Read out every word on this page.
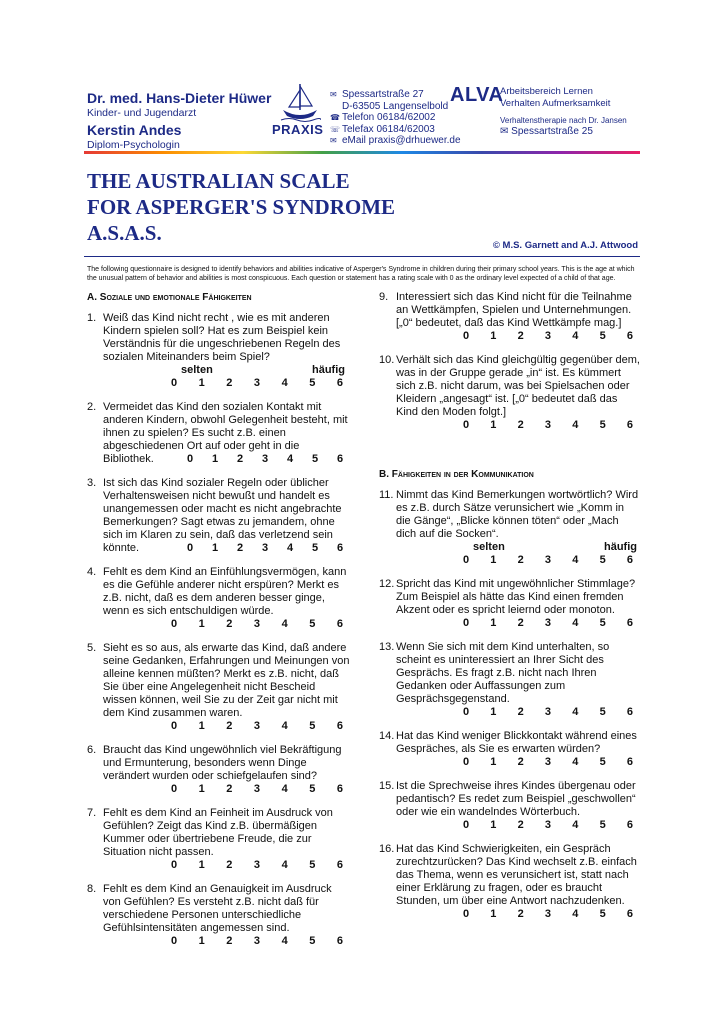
Dr. med. Hans-Dieter Hüwer
Kinder- und Jugendarzt
Kerstin Andes
Diplom-Psychologin
PRAXIS
✉ Spessartstraße 27
D-63505 Langenselbold
☎ Telefon 06184/62002
☏ Telefax 06184/62003
✉ eMail praxis@drhuewer.de
ALVA
Arbeitsbereich Lernen
Verhalten Aufmerksamkeit
Verhaltenstherapie nach Dr. Jansen
✉ Spessartstraße 25
THE AUSTRALIAN SCALE
FOR ASPERGER'S SYNDROME
A.S.A.S.
© M.S. Garnett and A.J. Attwood
The following questionnaire is designed to identify behaviors and abilities indicative of Asperger's Syndrome in children during their primary school years. This is the age at which the unusual pattern of behavior and abilities is most conspicuous. Each question or statement has a rating scale with 0 as the ordinary level expected of a child of that age.
A. Soziale und emotionale Fähigkeiten
1. Weiß das Kind nicht recht , wie es mit anderen Kindern spielen soll? Hat es zum Beispiel kein Verständnis für die ungeschriebenen Regeln des sozialen Miteinanders beim Spiel?
selten	häufig
0	1	2	3	4	5	6
2. Vermeidet das Kind den sozialen Kontakt mit anderen Kindern, obwohl Gelegenheit besteht, mit ihnen zu spielen? Es sucht z.B. einen abgeschiedenen Ort auf oder geht in die
Bibliothek.	0	1	2	3	4	5	6
3. Ist sich das Kind sozialer Regeln oder üblicher Verhaltensweisen nicht bewußt und handelt es unangemessen oder macht es nicht angebrachte Bemerkungen? Sagt etwas zu jemandem, ohne sich im Klaren zu sein, daß das verletzend sein
könnte.	0	1	2	3	4	5	6
4. Fehlt es dem Kind an Einfühlungsvermögen, kann es die Gefühle anderer nicht erspüren? Merkt es z.B. nicht, daß es dem anderen besser ginge, wenn es sich entschuldigen würde.
0	1	2	3	4	5	6
5. Sieht es so aus, als erwarte das Kind, daß andere seine Gedanken, Erfahrungen und Meinungen von alleine kennen müßten? Merkt es z.B. nicht, daß Sie über eine Angelegenheit nicht Bescheid wissen können, weil Sie zu der Zeit gar nicht mit dem Kind zusammen waren.
0	1	2	3	4	5	6
6. Braucht das Kind ungewöhnlich viel Bekräftigung und Ermunterung, besonders wenn Dinge verändert wurden oder schiefgelaufen sind?
0	1	2	3	4	5	6
7. Fehlt es dem Kind an Feinheit im Ausdruck von Gefühlen? Zeigt das Kind z.B. übermäßigen Kummer oder übertriebene Freude, die zur Situation nicht passen.
0	1	2	3	4	5	6
8. Fehlt es dem Kind an Genauigkeit im Ausdruck von Gefühlen? Es versteht z.B. nicht daß für verschiedene Personen unterschiedliche Gefühlsintensitäten angemessen sind.
0	1	2	3	4	5	6
9. Interessiert sich das Kind nicht für die Teilnahme an Wettkämpfen, Spielen und Unternehmungen. [„0“ bedeutet, daß das Kind Wettkämpfe mag.]
0	1	2	3	4	5	6
10. Verhält sich das Kind gleichgültig gegenüber dem, was in der Gruppe gerade „in“ ist. Es kümmert sich z.B. nicht darum, was bei Spielsachen oder Kleidern „angesagt“ ist. [„0“ bedeutet daß das Kind den Moden folgt.]
0	1	2	3	4	5	6
B. Fähigkeiten in der Kommunikation
11. Nimmt das Kind Bemerkungen wortwörtlich? Wird es z.B. durch Sätze verunsichert wie „Komm in die Gänge“, „Blicke können töten“ oder „Mach dich auf die Socken“.
selten	häufig
0	1	2	3	4	5	6
12. Spricht das Kind mit ungewöhnlicher Stimmlage? Zum Beispiel als hätte das Kind einen fremden Akzent oder es spricht leiernd oder monoton.
0	1	2	3	4	5	6
13. Wenn Sie sich mit dem Kind unterhalten, so scheint es uninteressiert an Ihrer Sicht des Gesprächs. Es fragt z.B. nicht nach Ihren Gedanken oder Auffassungen zum Gesprächsgegenstand.
0	1	2	3	4	5	6
14. Hat das Kind weniger Blickkontakt während eines Gespräches, als Sie es erwarten würden?
0	1	2	3	4	5	6
15. Ist die Sprechweise ihres Kindes übergenau oder pedantisch? Es redet zum Beispiel „geschwollen“ oder wie ein wandelndes Wörterbuch.
0	1	2	3	4	5	6
16. Hat das Kind Schwierigkeiten, ein Gespräch zurechtzurücken? Das Kind wechselt z.B. einfach das Thema, wenn es verunsichert ist, statt nach einer Erklärung zu fragen, oder es braucht Stunden, um über eine Antwort nachzudenken.
0	1	2	3	4	5	6
